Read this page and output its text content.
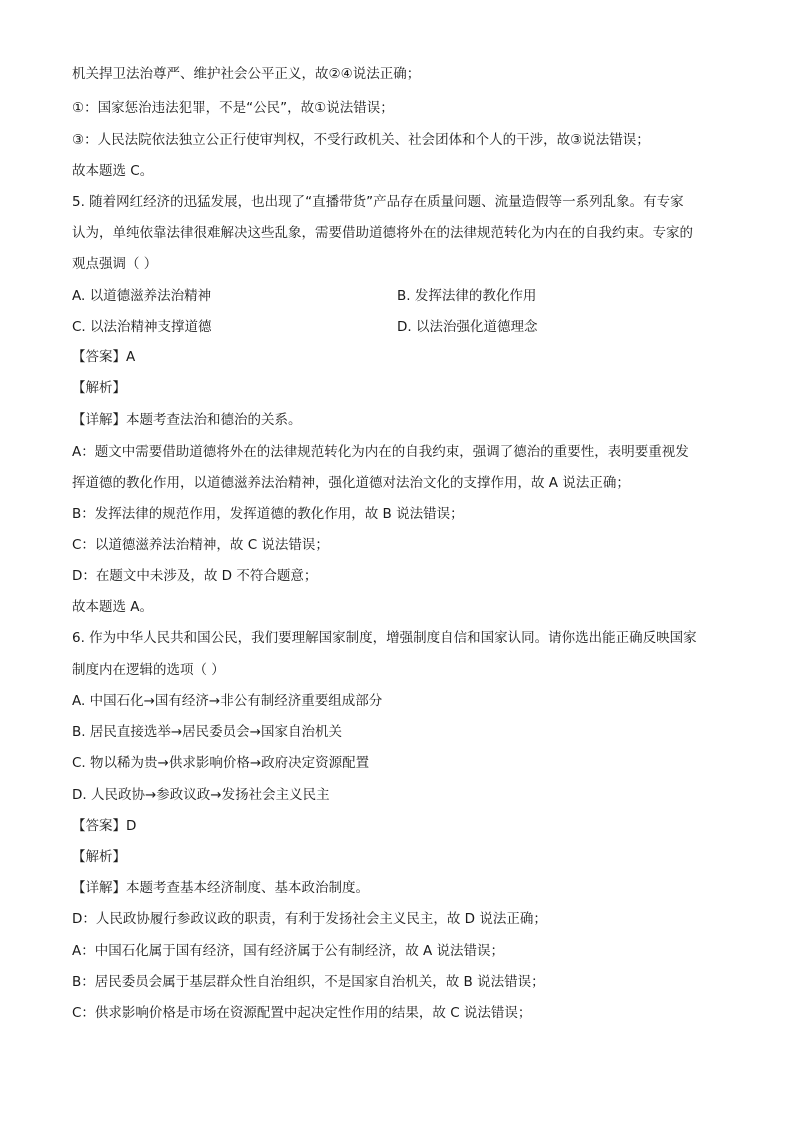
机关捍卫法治尊严、维护社会公平正义，故②④说法正确；
①：国家惩治违法犯罪，不是“公民”，故①说法错误；
③：人民法院依法独立公正行使审判权，不受行政机关、社会团体和个人的干涉，故③说法错误；
故本题选 C。
5. 随着网红经济的迅猛发展，也出现了“直播带货”产品存在质量问题、流量造假等一系列乱象。有专家
认为，单纯依靠法律很难解决这些乱象，需要借助道德将外在的法律规范转化为内在的自我约束。专家的
观点强调（ ）
A. 以道德滋养法治精神	B. 发挥法律的教化作用
C. 以法治精神支撑道德	D. 以法治强化道德理念
【答案】A
【解析】
【详解】本题考查法治和德治的关系。
A：题文中需要借助道德将外在的法律规范转化为内在的自我约束，强调了德治的重要性，表明要重视发
挥道德的教化作用，以道德滋养法治精神，强化道德对法治文化的支撑作用，故 A 说法正确；
B：发挥法律的规范作用，发挥道德的教化作用，故 B 说法错误；
C：以道德滋养法治精神，故 C 说法错误；
D：在题文中未涉及，故 D 不符合题意；
故本题选 A。
6. 作为中华人民共和国公民，我们要理解国家制度，增强制度自信和国家认同。请你选出能正确反映国家
制度内在逻辑的选项（ ）
A. 中国石化→国有经济→非公有制经济重要组成部分
B. 居民直接选举→居民委员会→国家自治机关
C. 物以稀为贵→供求影响价格→政府决定资源配置
D. 人民政协→参政议政→发扬社会主义民主
【答案】D
【解析】
【详解】本题考查基本经济制度、基本政治制度。
D：人民政协履行参政议政的职责，有利于发扬社会主义民主，故 D 说法正确；
A：中国石化属于国有经济，国有经济属于公有制经济，故 A 说法错误；
B：居民委员会属于基层群众性自治组织，不是国家自治机关，故 B 说法错误；
C：供求影响价格是市场在资源配置中起决定性作用的结果，故 C 说法错误；
